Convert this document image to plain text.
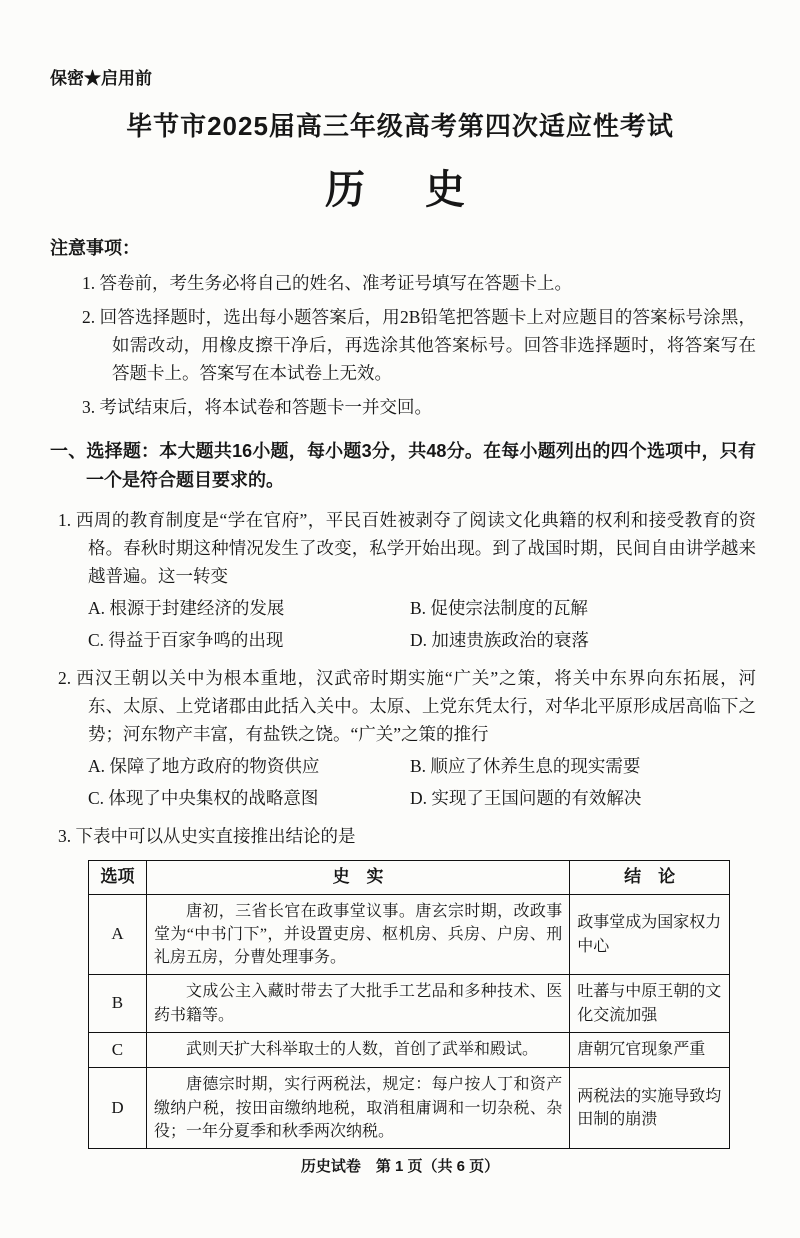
保密★启用前
毕节市2025届高三年级高考第四次适应性考试
历　史
注意事项：
1. 答卷前，考生务必将自己的姓名、准考证号填写在答题卡上。
2. 回答选择题时，选出每小题答案后，用2B铅笔把答题卡上对应题目的答案标号涂黑，如需改动，用橡皮擦干净后，再选涂其他答案标号。回答非选择题时，将答案写在答题卡上。答案写在本试卷上无效。
3. 考试结束后，将本试卷和答题卡一并交回。
一、选择题：本大题共16小题，每小题3分，共48分。在每小题列出的四个选项中，只有一个是符合题目要求的。

1. 西周的教育制度是“学在官府”，平民百姓被剥夺了阅读文化典籍的权利和接受教育的资格。春秋时期这种情况发生了改变，私学开始出现。到了战国时期，民间自由讲学越来越普遍。这一转变

A. 根源于封建经济的发展	B. 促使宗法制度的瓦解
C. 得益于百家争鸣的出现	D. 加速贵族政治的衰落

2. 西汉王朝以关中为根本重地，汉武帝时期实施“广关”之策，将关中东界向东拓展，河东、太原、上党诸郡由此括入关中。太原、上党东凭太行，对华北平原形成居高临下之势；河东物产丰富，有盐铁之饶。“广关”之策的推行

A. 保障了地方政府的物资供应	B. 顺应了休养生息的现实需要
C. 体现了中央集权的战略意图	D. 实现了王国问题的有效解决

3. 下表中可以从史实直接推出结论的是

选项	史　实	结　论
A	唐初，三省长官在政事堂议事。唐玄宗时期，改政事堂为“中书门下”，并设置吏房、枢机房、兵房、户房、刑礼房五房，分曹处理事务。	政事堂成为国家权力中心
B	文成公主入藏时带去了大批手工艺品和多种技术、医药书籍等。	吐蕃与中原王朝的文化交流加强
C	武则天扩大科举取士的人数，首创了武举和殿试。	唐朝冗官现象严重
D	唐德宗时期，实行两税法，规定：每户按人丁和资产缴纳户税，按田亩缴纳地税，取消租庸调和一切杂税、杂役；一年分夏季和秋季两次纳税。	两税法的实施导致均田制的崩溃
历史试卷　第 1 页（共 6 页）
